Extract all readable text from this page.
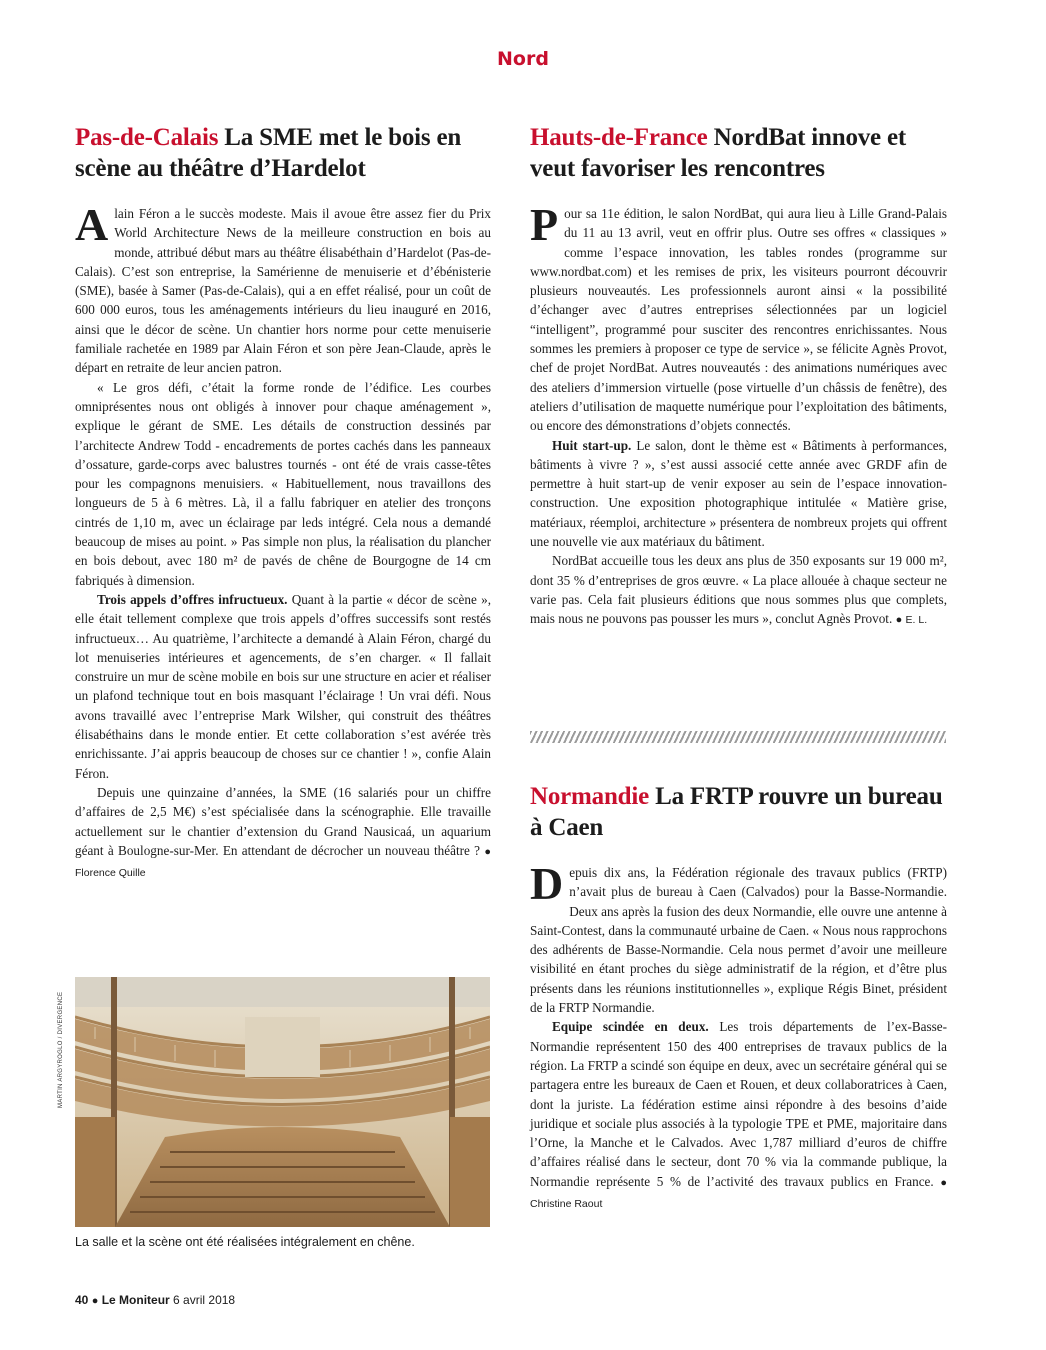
Nord
Pas-de-Calais La SME met le bois en scène au théâtre d’Hardelot

Alain Féron a le succès modeste. Mais il avoue être assez fier du Prix World Architecture News de la meilleure construction en bois au monde, attribué début mars au théâtre élisabéthain d’Hardelot (Pas-de-Calais). C’est son entreprise, la Samérienne de menuiserie et d’ébénisterie (SME), basée à Samer (Pas-de-Calais), qui a en effet réalisé, pour un coût de 600 000 euros, tous les aménagements intérieurs du lieu inauguré en 2016, ainsi que le décor de scène. Un chantier hors norme pour cette menuiserie familiale rachetée en 1989 par Alain Féron et son père Jean-Claude, après le départ en retraite de leur ancien patron.

« Le gros défi, c’était la forme ronde de l’édifice. Les courbes omniprésentes nous ont obligés à innover pour chaque aménagement », explique le gérant de SME. Les détails de construction dessinés par l’architecte Andrew Todd - encadrements de portes cachés dans les panneaux d’ossature, garde-corps avec balustres tournés - ont été de vrais casse-têtes pour les compagnons menuisiers. « Habituellement, nous travaillons des longueurs de 5 à 6 mètres. Là, il a fallu fabriquer en atelier des tronçons cintrés de 1,10 m, avec un éclairage par leds intégré. Cela nous a demandé beaucoup de mises au point. » Pas simple non plus, la réalisation du plancher en bois debout, avec 180 m² de pavés de chêne de Bourgogne de 14 cm fabriqués à dimension.

Trois appels d’offres infructueux. Quant à la partie « décor de scène », elle était tellement complexe que trois appels d’offres successifs sont restés infructueux… Au quatrième, l’architecte a demandé à Alain Féron, chargé du lot menuiseries intérieures et agencements, de s’en charger. « Il fallait construire un mur de scène mobile en bois sur une structure en acier et réaliser un plafond technique tout en bois masquant l’éclairage ! Un vrai défi. Nous avons travaillé avec l’entreprise Mark Wilsher, qui construit des théâtres élisabéthains dans le monde entier. Et cette collaboration s’est avérée très enrichissante. J’ai appris beaucoup de choses sur ce chantier ! », confie Alain Féron.

Depuis une quinzaine d’années, la SME (16 salariés pour un chiffre d’affaires de 2,5 M€) s’est spécialisée dans la scénographie. Elle travaille actuellement sur le chantier d’extension du Grand Nausicaá, un aquarium géant à Boulogne-sur-Mer. En attendant de décrocher un nouveau théâtre ? ● Florence Quille

Hauts-de-France NordBat innove et veut favoriser les rencontres

Pour sa 11e édition, le salon NordBat, qui aura lieu à Lille Grand-Palais du 11 au 13 avril, veut en offrir plus. Outre ses offres « classiques » comme l’espace innovation, les tables rondes (programme sur www.nordbat.com) et les remises de prix, les visiteurs pourront découvrir plusieurs nouveautés. Les professionnels auront ainsi « la possibilité d’échanger avec d’autres entreprises sélectionnées par un logiciel “intelligent”, programmé pour susciter des rencontres enrichissantes. Nous sommes les premiers à proposer ce type de service », se félicite Agnès Provot, chef de projet NordBat. Autres nouveautés : des animations numériques avec des ateliers d’immersion virtuelle (pose virtuelle d’un châssis de fenêtre), des ateliers d’utilisation de maquette numérique pour l’exploitation des bâtiments, ou encore des démonstrations d’objets connectés.

Huit start-up. Le salon, dont le thème est « Bâtiments à performances, bâtiments à vivre ? », s’est aussi associé cette année avec GRDF afin de permettre à huit start-up de venir exposer au sein de l’espace innovation-construction. Une exposition photographique intitulée « Matière grise, matériaux, réemploi, architecture » présentera de nombreux projets qui offrent une nouvelle vie aux matériaux du bâtiment.

NordBat accueille tous les deux ans plus de 350 exposants sur 19 000 m², dont 35 % d’entreprises de gros œuvre. « La place allouée à chaque secteur ne varie pas. Cela fait plusieurs éditions que nous sommes plus que complets, mais nous ne pouvons pas pousser les murs », conclut Agnès Provot. ● E. L.

Normandie La FRTP rouvre un bureau à Caen

Depuis dix ans, la Fédération régionale des travaux publics (FRTP) n’avait plus de bureau à Caen (Calvados) pour la Basse-Normandie. Deux ans après la fusion des deux Normandie, elle ouvre une antenne à Saint-Contest, dans la communauté urbaine de Caen. « Nous nous rapprochons des adhérents de Basse-Normandie. Cela nous permet d’avoir une meilleure visibilité en étant proches du siège administratif de la région, et d’être plus présents dans les réunions institutionnelles », explique Régis Binet, président de la FRTP Normandie.

Equipe scindée en deux. Les trois départements de l’ex-Basse-Normandie représentent 150 des 400 entreprises de travaux publics de la région. La FRTP a scindé son équipe en deux, avec un secrétaire général qui se partagera entre les bureaux de Caen et Rouen, et deux collaboratrices à Caen, dont la juriste. La fédération estime ainsi répondre à des besoins d’aide juridique et sociale plus associés à la typologie TPE et PME, majoritaire dans l’Orne, la Manche et le Calvados. Avec 1,787 milliard d’euros de chiffre d’affaires réalisé dans le secteur, dont 70 % via la commande publique, la Normandie représente 5 % de l’activité des travaux publics en France. ● Christine Raout

MARTIN ARGYROGLO / DIVERGENCE
La salle et la scène ont été réalisées intégralement en chêne.
40 ● Le Moniteur 6 avril 2018
